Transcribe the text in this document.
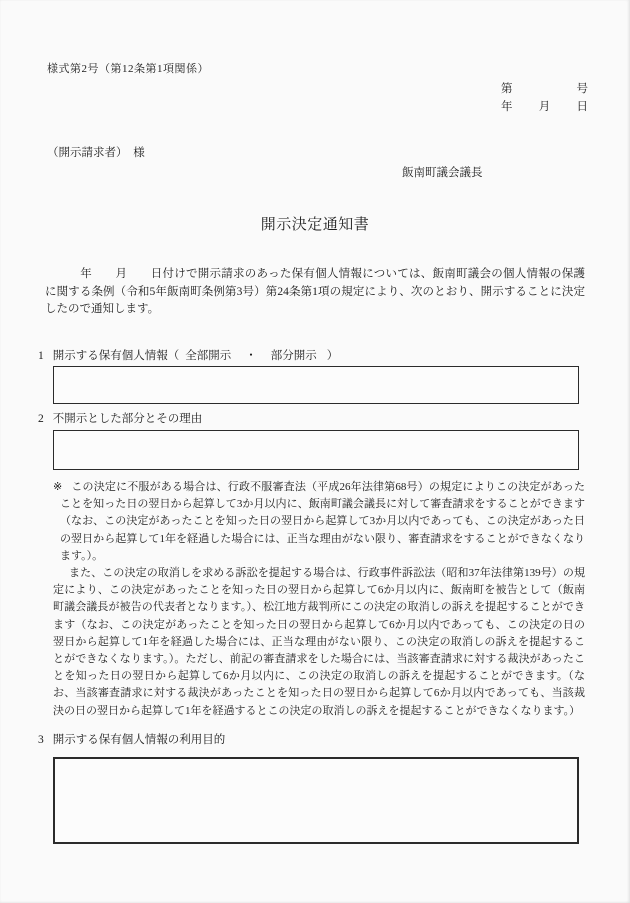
様式第2号（第12条第1項関係）
第	号
年 月 日
（開示請求者）　様
飯南町議会議長
開示決定通知書
　　　年　　月　　日付けで開示請求のあった保有個人情報については、飯南町議会の個人情報の保護に関する条例（令和5年飯南町条例第3号）第24条第1項の規定により、次のとおり、開示することに決定したので通知します。
1 開示する保有個人情報（ 全部開示 ・ 部分開示 ）
2 不開示とした部分とその理由

※ この決定に不服がある場合は、行政不服審査法（平成26年法律第68号）の規定によりこの決定があったことを知った日の翌日から起算して3か月以内に、飯南町議会議長に対して審査請求をすることができます（なお、この決定があったことを知った日の翌日から起算して3か月以内であっても、この決定があった日の翌日から起算して1年を経過した場合には、正当な理由がない限り、審査請求をすることができなくなります。）。

また、この決定の取消しを求める訴訟を提起する場合は、行政事件訴訟法（昭和37年法律第139号）の規定により、この決定があったことを知った日の翌日から起算して6か月以内に、飯南町を被告として（飯南町議会議長が被告の代表者となります。）、松江地方裁判所にこの決定の取消しの訴えを提起することができます（なお、この決定があったことを知った日の翌日から起算して6か月以内であっても、この決定の日の翌日から起算して1年を経過した場合には、正当な理由がない限り、この決定の取消しの訴えを提起することができなくなります。）。ただし、前記の審査請求をした場合には、当該審査請求に対する裁決があったことを知った日の翌日から起算して6か月以内に、この決定の取消しの訴えを提起することができます。（なお、当該審査請求に対する裁決があったことを知った日の翌日から起算して6か月以内であっても、当該裁決の日の翌日から起算して1年を経過するとこの決定の取消しの訴えを提起することができなくなります。）

3 開示する保有個人情報の利用目的
